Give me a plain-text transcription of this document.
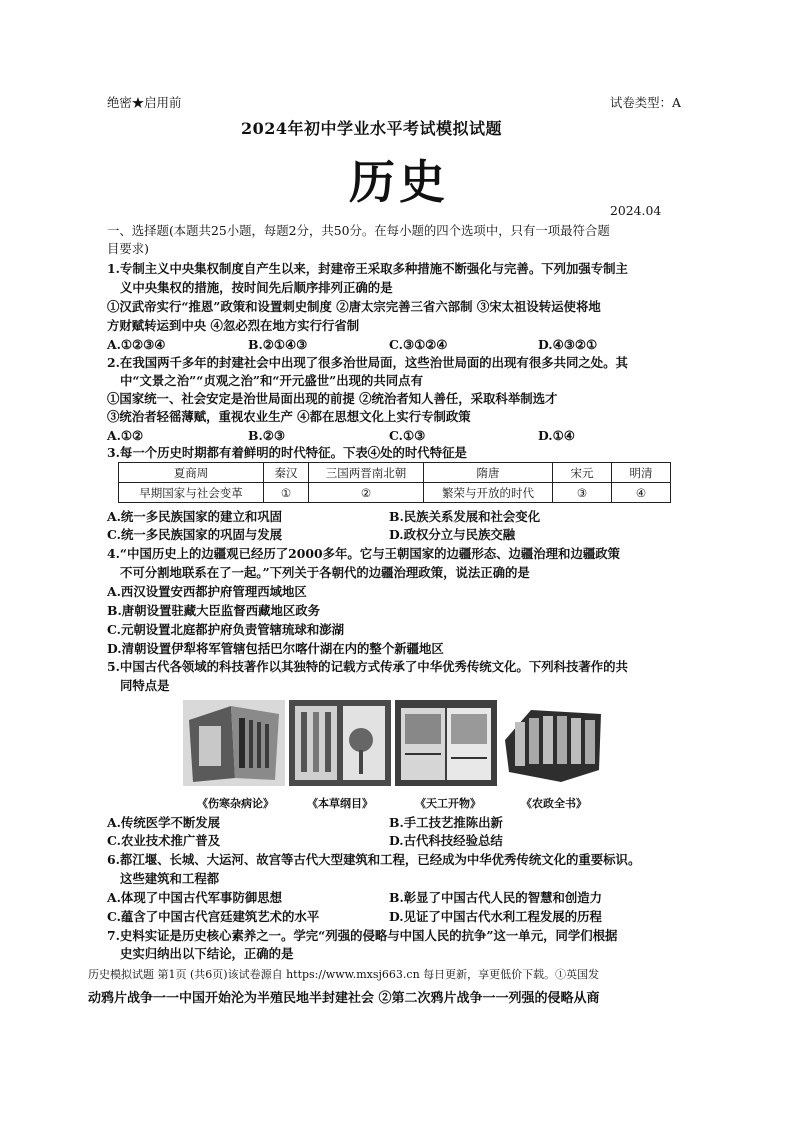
绝密★启用前	试卷类型：A
2024年初中学业水平考试模拟试题
历史
2024.04
一、选择题(本题共25小题，每题2分，共50分。在每小题的四个选项中，只有一项最符合题
目要求)
1.专制主义中央集权制度自产生以来，封建帝王采取多种措施不断强化与完善。下列加强专制主
义中央集权的措施，按时间先后顺序排列正确的是
①汉武帝实行“推恩”政策和设置刺史制度 ②唐太宗完善三省六部制 ③宋太祖设转运使将地
方财赋转运到中央 ④忽必烈在地方实行行省制
A.①②③④	B.②①④③	C.③①②④	D.④③②①
2.在我国两千多年的封建社会中出现了很多治世局面，这些治世局面的出现有很多共同之处。其
中“文景之治”“贞观之治”和“开元盛世”出现的共同点有
①国家统一、社会安定是治世局面出现的前提 ②统治者知人善任，采取科举制选才
③统治者轻徭薄赋，重视农业生产 ④都在思想文化上实行专制政策
A.①②	B.②③	C.①③	D.①④
3.每一个历史时期都有着鲜明的时代特征。下表④处的时代特征是
夏商周	秦汉	三国两晋南北朝	隋唐	宋元	明清
早期国家与社会变革	①	②	繁荣与开放的时代	③	④
A.统一多民族国家的建立和巩固	B.民族关系发展和社会变化
C.统一多民族国家的巩固与发展	D.政权分立与民族交融
4.“中国历史上的边疆观已经历了2000多年。它与王朝国家的边疆形态、边疆治理和边疆政策
不可分割地联系在了一起。”下列关于各朝代的边疆治理政策，说法正确的是
A.西汉设置安西都护府管理西域地区
B.唐朝设置驻藏大臣监督西藏地区政务
C.元朝设置北庭都护府负责管辖琉球和澎湖
D.清朝设置伊犁将军管辖包括巴尔喀什湖在内的整个新疆地区
5.中国古代各领域的科技著作以其独特的记载方式传承了中华优秀传统文化。下列科技著作的共
同特点是
《伤寒杂病论》	《本草纲目》	《天工开物》	《农政全书》
A.传统医学不断发展	B.手工技艺推陈出新
C.农业技术推广普及	D.古代科技经验总结
6.都江堰、长城、大运河、故宫等古代大型建筑和工程，已经成为中华优秀传统文化的重要标识。
这些建筑和工程都
A.体现了中国古代军事防御思想	B.彰显了中国古代人民的智慧和创造力
C.蕴含了中国古代宫廷建筑艺术的水平	D.见证了中国古代水利工程发展的历程
7.史料实证是历史核心素养之一。学完“列强的侵略与中国人民的抗争”这一单元，同学们根据
史实归纳出以下结论，正确的是
历史模拟试题 第1页 (共6页)该试卷源自 https://www.mxsj663.cn 每日更新，享更低价下载。①英国发
动鸦片战争一一中国开始沦为半殖民地半封建社会 ②第二次鸦片战争一一列强的侵略从商
